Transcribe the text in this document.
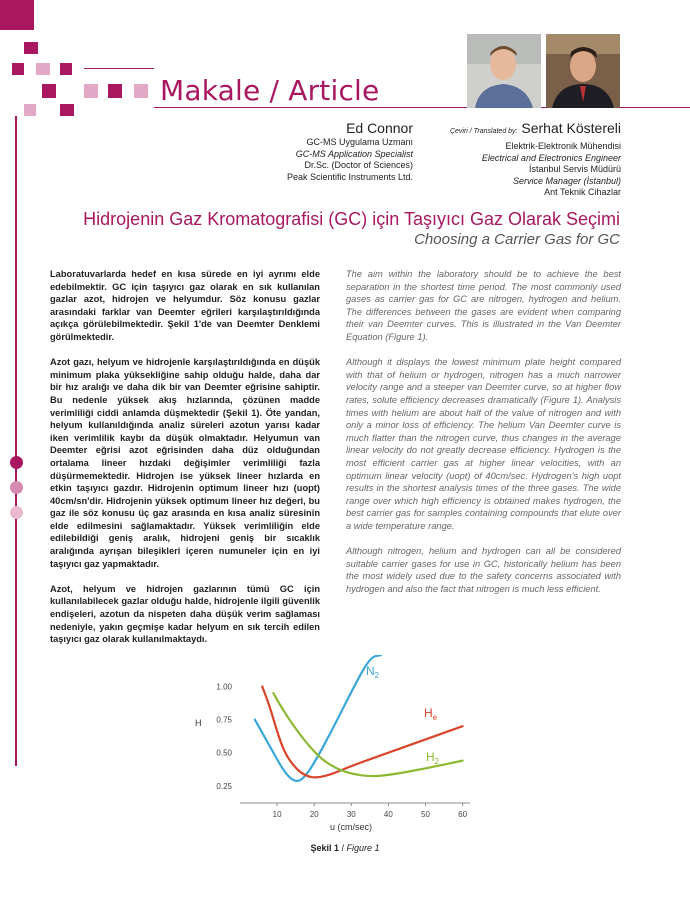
Makale / Article
Ed Connor
GC-MS Uygulama Uzmanı
GC-MS Application Specialist
Dr.Sc. (Doctor of Sciences)
Peak Scientific Instruments Ltd.
Çeviri / Translated by: Serhat Köstereli
Elektrik-Elektronik Mühendisi
Electrical and Electronics Engineer
İstanbul Servis Müdürü
Service Manager (İstanbul)
Ant Teknik Cihazlar
Hidrojenin Gaz Kromatografisi (GC) için Taşıyıcı Gaz Olarak Seçimi
Choosing a Carrier Gas for GC

Laboratuvarlarda hedef en kısa sürede en iyi ayrımı elde edebilmektir. GC için taşıyıcı gaz olarak en sık kullanılan gazlar azot, hidrojen ve helyumdur. Söz konusu gazlar arasındaki farklar van Deemter eğrileri karşılaştırıldığında açıkça görülebilmektedir. Şekil 1'de van Deemter Denklemi görülmektedir.

Azot gazı, helyum ve hidrojenle karşılaştırıldığında en düşük minimum plaka yüksekliğine sahip olduğu halde, daha dar bir hız aralığı ve daha dik bir van Deemter eğrisine sahiptir. Bu nedenle yüksek akış hızlarında, çözünen madde verimliliği ciddi anlamda düşmektedir (Şekil 1). Öte yandan, helyum kullanıldığında analiz süreleri azotun yarısı kadar iken verimlilik kaybı da düşük olmaktadır. Helyumun van Deemter eğrisi azot eğrisinden daha düz olduğundan ortalama lineer hızdaki değişimler verimliliği fazla düşürmemektedir. Hidrojen ise yüksek lineer hızlarda en etkin taşıyıcı gazdır. Hidrojenin optimum lineer hızı (uopt) 40cm/sn'dir. Hidrojenin yüksek optimum lineer hız değeri, bu gaz ile söz konusu üç gaz arasında en kısa analiz süresinin elde edilmesini sağlamaktadır. Yüksek verimliliğin elde edilebildiği geniş aralık, hidrojeni geniş bir sıcaklık aralığında ayrışan bileşikleri içeren numuneler için en iyi taşıyıcı gaz yapmaktadır.

Azot, helyum ve hidrojen gazlarının tümü GC için kullanılabilecek gazlar olduğu halde, hidrojenle ilgili güvenlik endişeleri, azotun da nispeten daha düşük verim sağlaması nedeniyle, yakın geçmişe kadar helyum en sık tercih edilen taşıyıcı gaz olarak kullanılmaktaydı.

The aim within the laboratory should be to achieve the best separation in the shortest time period. The most commonly used gases as carrier gas for GC are nitrogen, hydrogen and helium. The differences between the gases are evident when comparing their van Deemter curves. This is illustrated in the Van Deemter Equation (Figure 1).

Although it displays the lowest minimum plate height compared with that of helium or hydrogen, nitrogen has a much narrower velocity range and a steeper van Deemter curve, so at higher flow rates, solute efficiency decreases dramatically (Figure 1). Analysis times with helium are about half of the value of nitrogen and with only a minor loss of efficiency. The helium Van Deemter curve is much flatter than the nitrogen curve, thus changes in the average linear velocity do not greatly decrease efficiency. Hydrogen is the most efficient carrier gas at higher linear velocities, with an optimum linear velocity (uopt) of 40cm/sec. Hydrogen's high uopt results in the shortest analysis times of the three gases. The wide range over which high efficiency is obtained makes hydrogen, the best carrier gas for samples containing compounds that elute over a wide temperature range.

Although nitrogen, helium and hydrogen can all be considered suitable carrier gases for use in GC, historically helium has been the most widely used due to the safety concerns associated with hydrogen and also the fact that nitrogen is much less efficient.

10	20	30	40	50	60
0.25
0.50
0.75
1.00
$N_2$
$H_e$
$H_2$
H
u (cm/sec)
Şekil 1 / Figure 1
